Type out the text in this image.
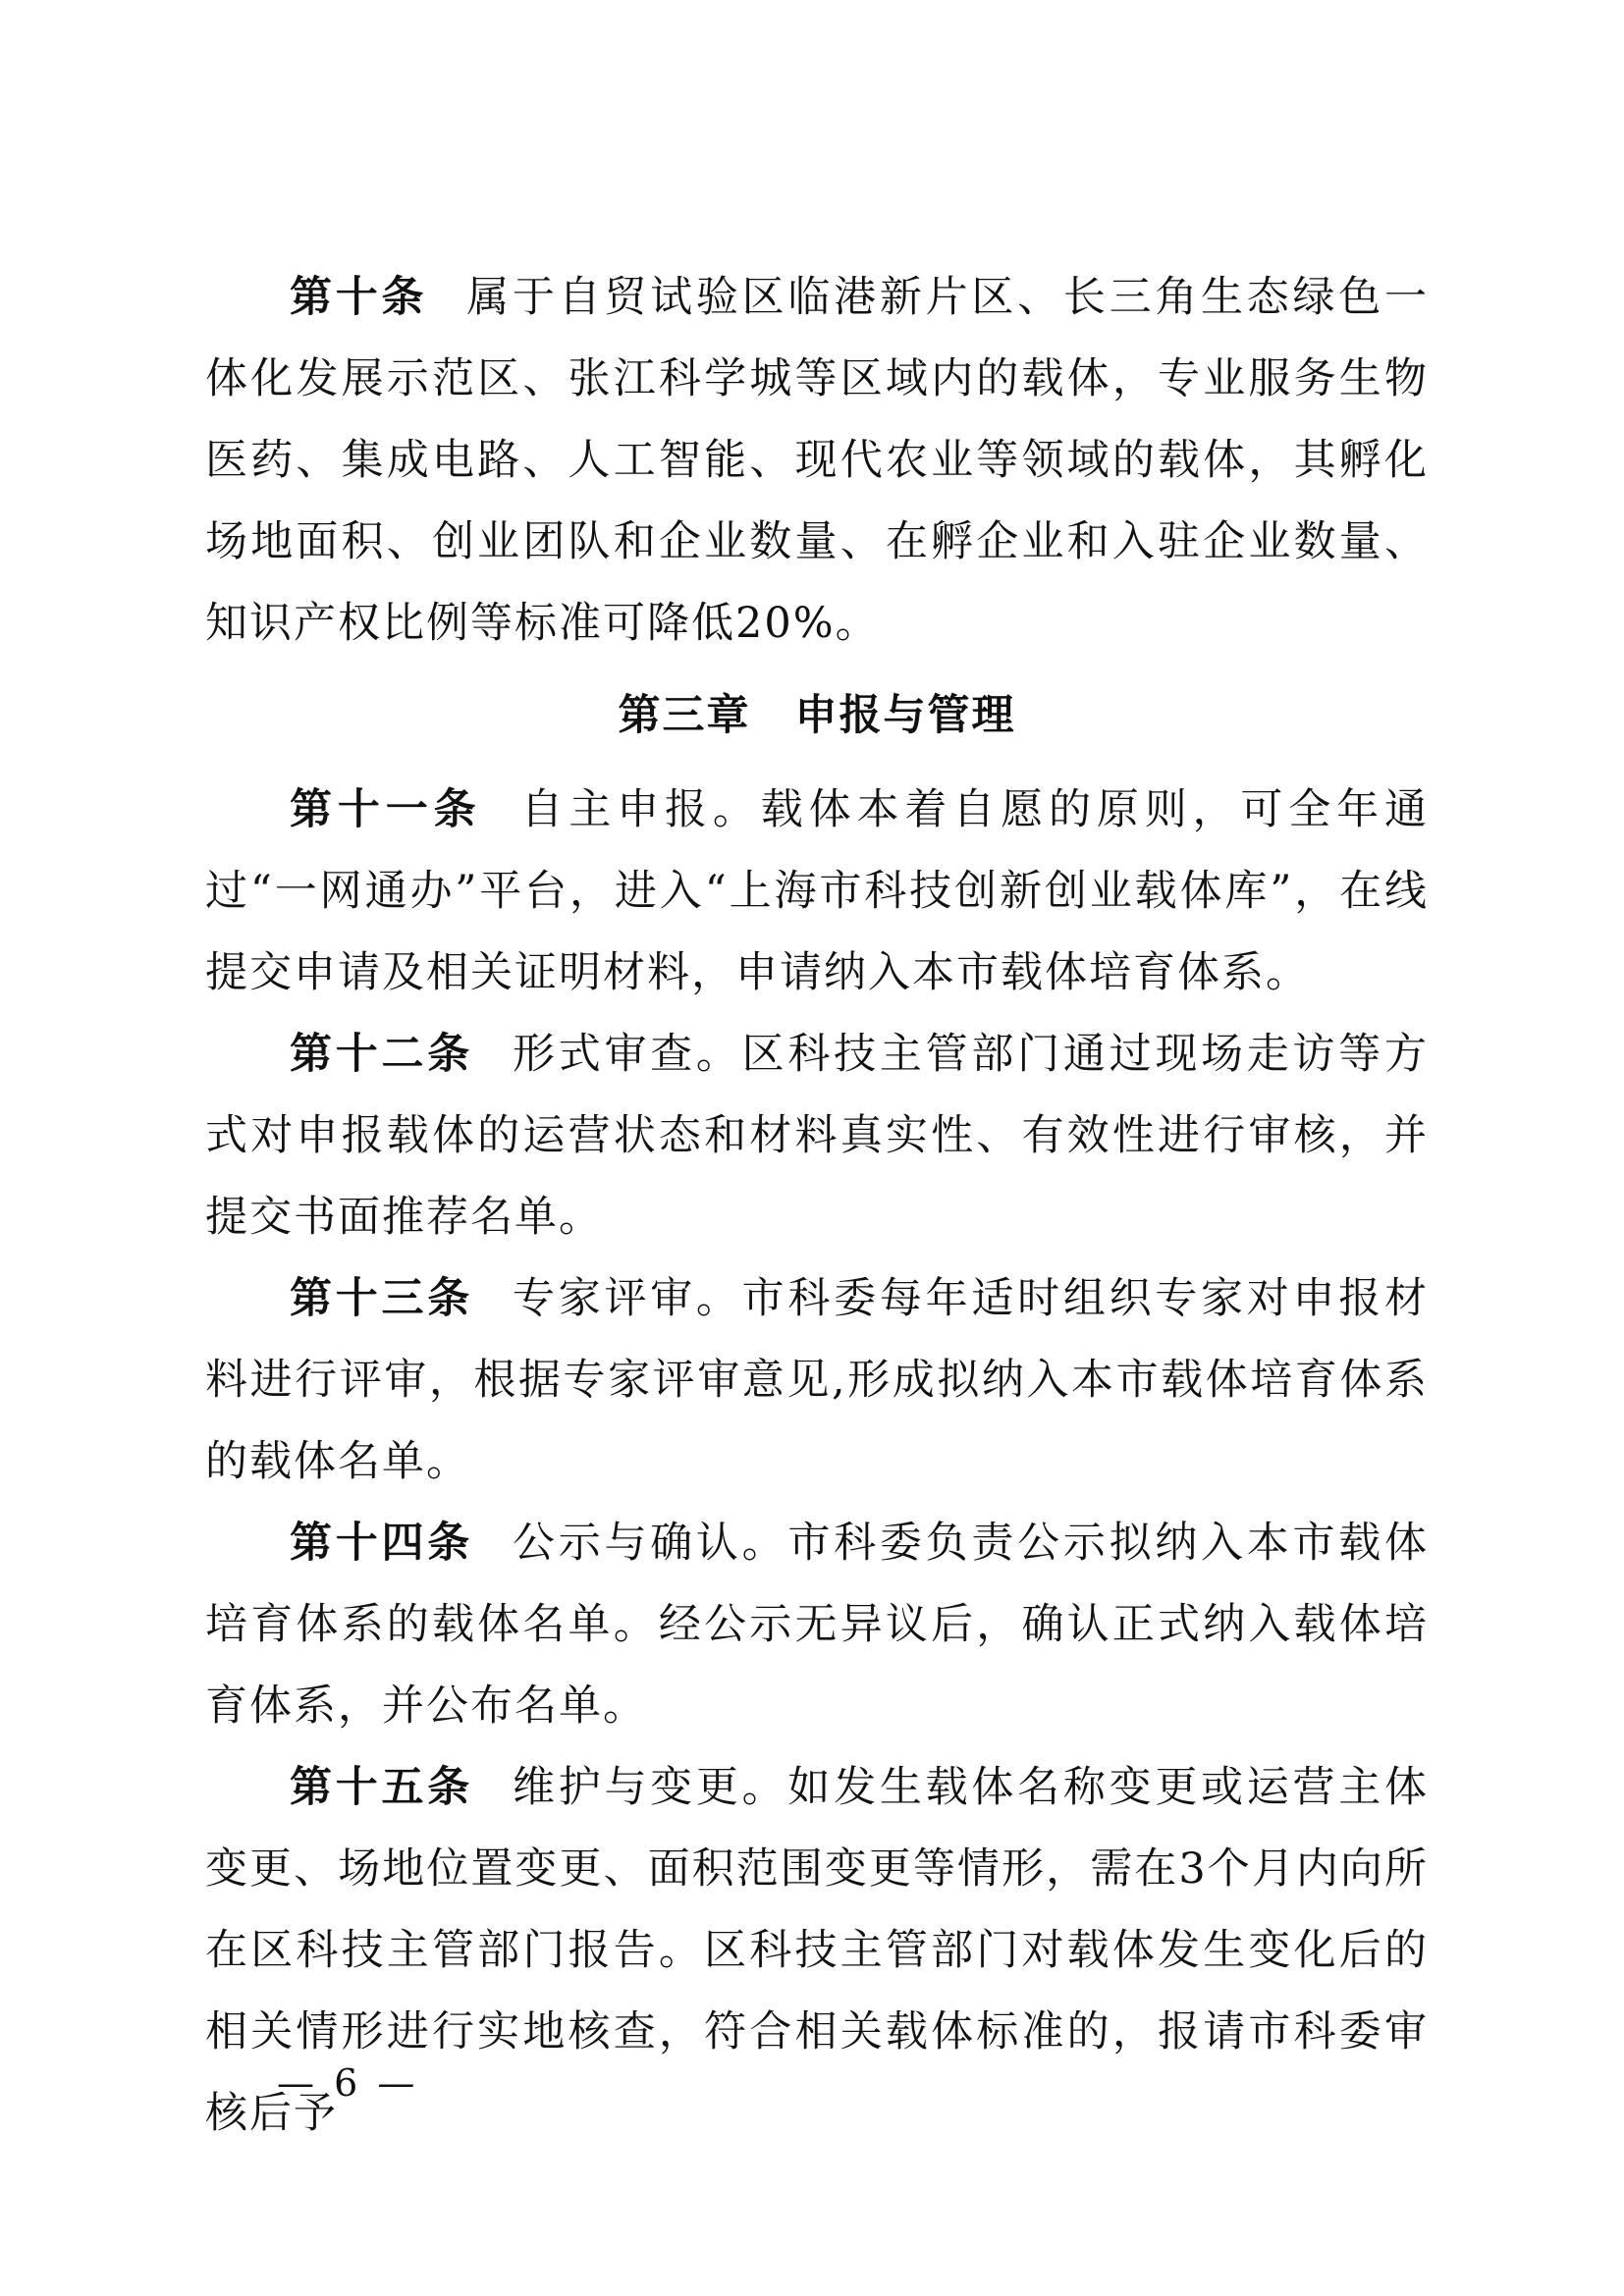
第十条 属于自贸试验区临港新片区、长三角生态绿色一体化发展示范区、张江科学城等区域内的载体，专业服务生物医药、集成电路、人工智能、现代农业等领域的载体，其孵化场地面积、创业团队和企业数量、在孵企业和入驻企业数量、知识产权比例等标准可降低20%。

第三章　申报与管理

第十一条 自主申报。载体本着自愿的原则，可全年通过“一网通办”平台，进入“上海市科技创新创业载体库”，在线提交申请及相关证明材料，申请纳入本市载体培育体系。

第十二条 形式审查。区科技主管部门通过现场走访等方式对申报载体的运营状态和材料真实性、有效性进行审核，并提交书面推荐名单。

第十三条 专家评审。市科委每年适时组织专家对申报材料进行评审，根据专家评审意见,形成拟纳入本市载体培育体系的载体名单。

第十四条 公示与确认。市科委负责公示拟纳入本市载体培育体系的载体名单。经公示无异议后，确认正式纳入载体培育体系，并公布名单。

第十五条 维护与变更。如发生载体名称变更或运营主体变更、场地位置变更、面积范围变更等情形，需在3个月内向所在区科技主管部门报告。区科技主管部门对载体发生变化后的相关情形进行实地核查，符合相关载体标准的，报请市科委审核后予

— 6 —
